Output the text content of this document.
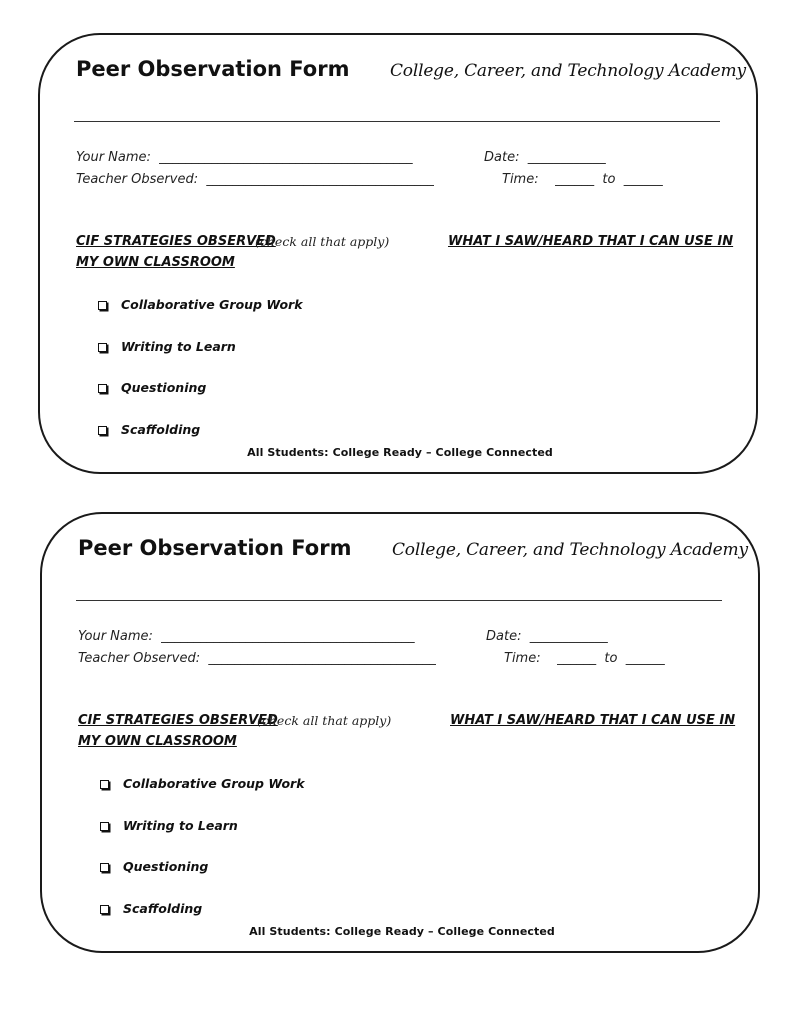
Peer Observation Form College, Career, and Technology Academy
Your Name:  _______________________________________
Teacher Observed:  ___________________________________
Date:  ____________
Time:    ______  to  ______
CIF STRATEGIES OBSERVED
(check all that apply)	WHAT I SAW/HEARD THAT I CAN USE IN
MY OWN CLASSROOM
Collaborative Group Work
Writing to Learn
Questioning
Scaffolding
All Students: College Ready – College Connected
Peer Observation Form College, Career, and Technology Academy
Your Name:  _______________________________________
Teacher Observed:  ___________________________________
Date:  ____________
Time:    ______  to  ______
CIF STRATEGIES OBSERVED
(check all that apply)	WHAT I SAW/HEARD THAT I CAN USE IN
MY OWN CLASSROOM
Collaborative Group Work
Writing to Learn
Questioning
Scaffolding
All Students: College Ready – College Connected
